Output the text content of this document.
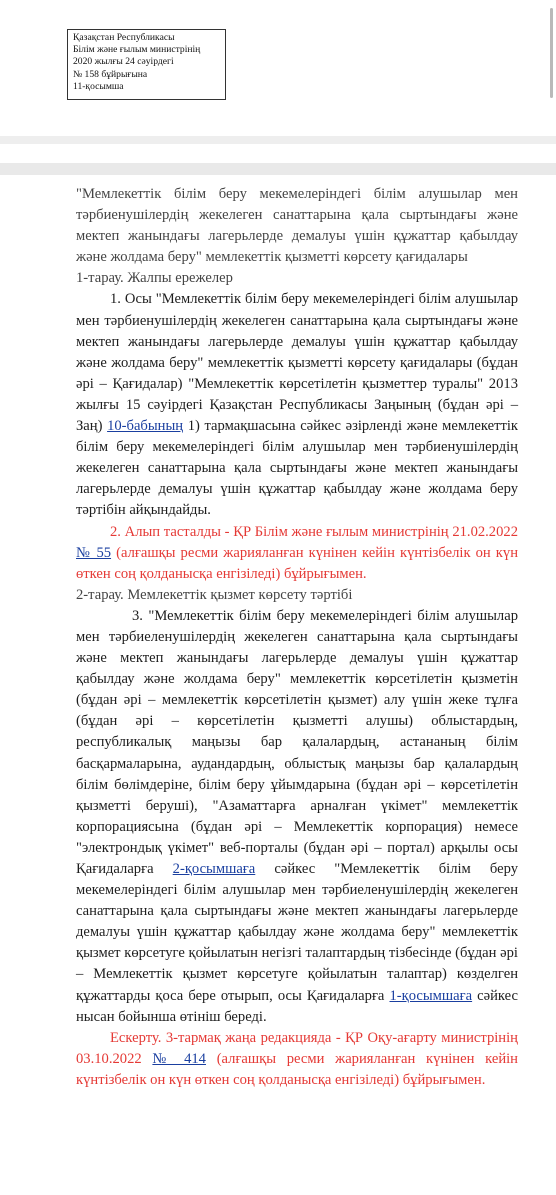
Қазақстан Республикасы
Білім және ғылым министрінің
2020 жылғы 24 сәуірдегі
№ 158 бұйрығына
11-қосымша

"Мемлекеттік білім беру мекемелеріндегі білім алушылар мен тәрбиенушілердің жекелеген санаттарына қала сыртындағы және мектеп жанындағы лагерьлерде демалуы үшін құжаттар қабылдау және жолдама беру" мемлекеттік қызметті көрсету қағидалары

1-тарау. Жалпы ережелер

1. Осы "Мемлекеттік білім беру мекемелеріндегі білім алушылар мен тәрбиенушілердің жекелеген санаттарына қала сыртындағы және мектеп жанындағы лагерьлерде демалуы үшін құжаттар қабылдау және жолдама беру" мемлекеттік қызметті көрсету қағидалары (бұдан әрі – Қағидалар) "Мемлекеттік көрсетілетін қызметтер туралы" 2013 жылғы 15 сәуірдегі Қазақстан Республикасы Заңының (бұдан әрі – Заң) 10-бабының 1) тармақшасына сәйкес әзірленді және мемлекеттік білім беру мекемелеріндегі білім алушылар мен тәрбиенушілердің жекелеген санаттарына қала сыртындағы және мектеп жанындағы лагерьлерде демалуы үшін құжаттар қабылдау және жолдама беру тәртібін айқындайды.

2. Алып тасталды - ҚР Білім және ғылым министрінің 21.02.2022 № 55 (алғашқы ресми жарияланған күнінен кейін күнтізбелік он күн өткен соң қолданысқа енгізіледі) бұйрығымен.

2-тарау. Мемлекеттік қызмет көрсету тәртібі

3. "Мемлекеттік білім беру мекемелеріндегі білім алушылар мен тәрбиеленушілердің жекелеген санаттарына қала сыртындағы және мектеп жанындағы лагерьлерде демалуы үшін құжаттар қабылдау және жолдама беру" мемлекеттік көрсетілетін қызметін (бұдан әрі – мемлекеттік көрсетілетін қызмет) алу үшін жеке тұлға (бұдан әрі – көрсетілетін қызметті алушы) облыстардың, республикалық маңызы бар қалалардың, астананың білім басқармаларына, аудандардың, облыстық маңызы бар қалалардың білім бөлімдеріне, білім беру ұйымдарына (бұдан әрі – көрсетілетін қызметті беруші), "Азаматтарға арналған үкімет" мемлекеттік корпорациясына (бұдан әрі – Мемлекеттік корпорация) немесе "электрондық үкімет" веб-порталы (бұдан әрі – портал) арқылы осы Қағидаларға 2-қосымшаға сәйкес "Мемлекеттік білім беру мекемелеріндегі білім алушылар мен тәрбиеленушілердің жекелеген санаттарына қала сыртындағы және мектеп жанындағы лагерьлерде демалуы үшін құжаттар қабылдау және жолдама беру" мемлекеттік қызмет көрсетуге қойылатын негізгі талаптардың тізбесінде (бұдан әрі – Мемлекеттік қызмет көрсетуге қойылатын талаптар) көзделген құжаттарды қоса бере отырып, осы Қағидаларға 1-қосымшаға сәйкес нысан бойынша өтініш береді.

Ескерту. 3-тармақ жаңа редакцияда - ҚР Оқу-ағарту министрінің 03.10.2022 № 414 (алғашқы ресми жарияланған күнінен кейін күнтізбелік он күн өткен соң қолданысқа енгізіледі) бұйрығымен.
